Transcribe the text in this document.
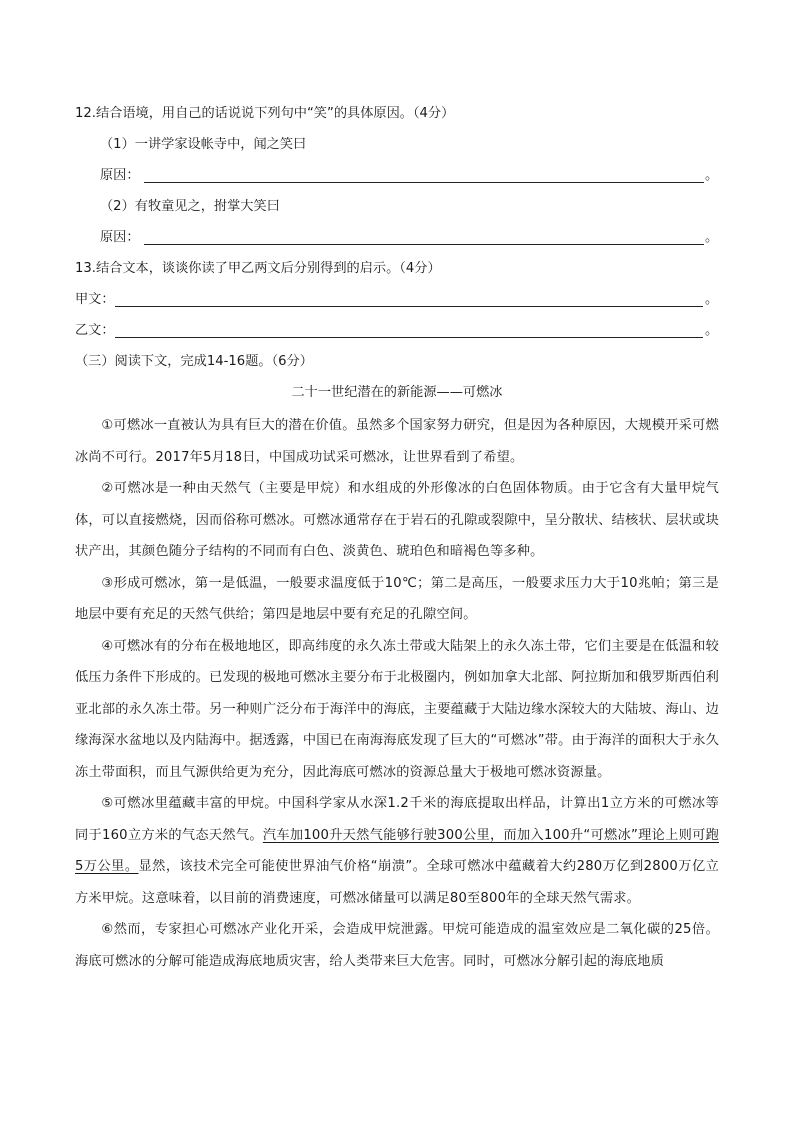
12.结合语境，用自己的话说说下列句中“笑”的具体原因。（4分）
（1）一讲学家设帐寺中，闻之笑曰
原因：	。
（2）有牧童见之，拊掌大笑曰
原因：	。
13.结合文本，谈谈你读了甲乙两文后分别得到的启示。（4分）
甲文：	。
乙文：	。
（三）阅读下文，完成14-16题。（6分）
二十一世纪潜在的新能源——可燃冰

①可燃冰一直被认为具有巨大的潜在价值。虽然多个国家努力研究，但是因为各种原因，大规模开采可燃冰尚不可行。2017年5月18日，中国成功试采可燃冰，让世界看到了希望。

②可燃冰是一种由天然气（主要是甲烷）和水组成的外形像冰的白色固体物质。由于它含有大量甲烷气体，可以直接燃烧，因而俗称可燃冰。可燃冰通常存在于岩石的孔隙或裂隙中，呈分散状、结核状、层状或块状产出，其颜色随分子结构的不同而有白色、淡黄色、琥珀色和暗褐色等多种。

③形成可燃冰，第一是低温，一般要求温度低于10℃；第二是高压，一般要求压力大于10兆帕；第三是地层中要有充足的天然气供给；第四是地层中要有充足的孔隙空间。

④可燃冰有的分布在极地地区，即高纬度的永久冻土带或大陆架上的永久冻土带，它们主要是在低温和较低压力条件下形成的。已发现的极地可燃冰主要分布于北极圈内，例如加拿大北部、阿拉斯加和俄罗斯西伯利亚北部的永久冻土带。另一种则广泛分布于海洋中的海底，主要蕴藏于大陆边缘水深较大的大陆坡、海山、边缘海深水盆地以及内陆海中。据透露，中国已在南海海底发现了巨大的“可燃冰”带。由于海洋的面积大于永久冻土带面积，而且气源供给更为充分，因此海底可燃冰的资源总量大于极地可燃冰资源量。

⑤可燃冰里蕴藏丰富的甲烷。中国科学家从水深1.2千米的海底提取出样品，计算出1立方米的可燃冰等同于160立方米的气态天然气。汽车加100升天然气能够行驶300公里，而加入100升“可燃冰”理论上则可跑5万公里。显然，该技术完全可能使世界油气价格“崩溃”。全球可燃冰中蕴藏着大约280万亿到2800万亿立方米甲烷。这意味着，以目前的消费速度，可燃冰储量可以满足80至800年的全球天然气需求。

⑥然而，专家担心可燃冰产业化开采，会造成甲烷泄露。甲烷可能造成的温室效应是二氧化碳的25倍。海底可燃冰的分解可能造成海底地质灾害，给人类带来巨大危害。同时，可燃冰分解引起的海底地质
